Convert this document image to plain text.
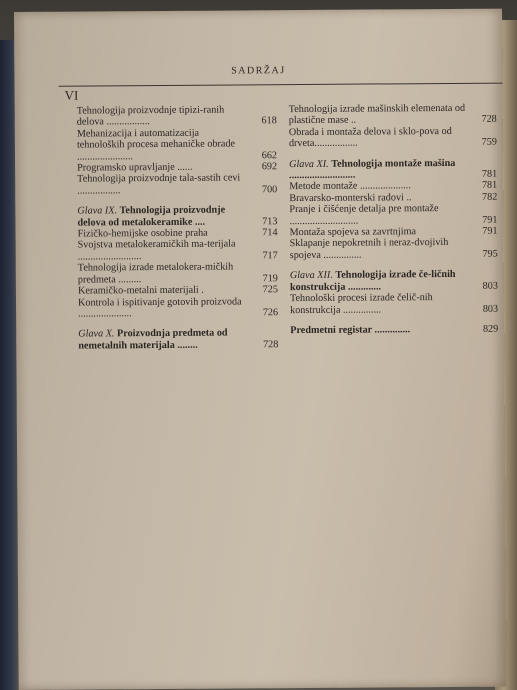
SADRŽAJ
VI
Tehnologija proizvodnje tipizi-ranih delova .................	618
Mehanizacija i automatizacija tehnoloških procesa mehaničke obrade ......................	662
Programsko upravljanje ......	692
Tehnologija proizvodnje tala-sastih cevi .................	700
Glava IX. Tehnologija proizvodnje delova od metalokeramike ....	713
Fizičko-hemijske osobine praha	714
Svojstva metalokeramičkih ma-terijala .........................	717
Tehnologija izrade metalokera-mičkih predmeta .........	719
Keramičko-metalni materijali .	725
Kontrola i ispitivanje gotovih proizvoda .....................	726
Glava X. Proizvodnja predmeta od nemetalnih materijala ........	728
Tehnologija izrade mašinskih elemenata od plastične mase ..	728
Obrada i montaža delova i sklo-pova od drveta.................	759
Glava XI. Tehnologija montaže mašina ..........................	781
Metode montaže ....................	781
Bravarsko-monterski radovi ..	782
Pranje i čišćenje detalja pre montaže ...........................	791
Montaža spojeva sa zavrtnjima	791
Sklapanje nepokretnih i neraz-dvojivih spojeva ...............	795
Glava XII. Tehnologija izrade če-ličnih konstrukcija .............	803
Tehnološki procesi izrade čelič-nih konstrukcija ...............	803
Predmetni registar ..............	829
